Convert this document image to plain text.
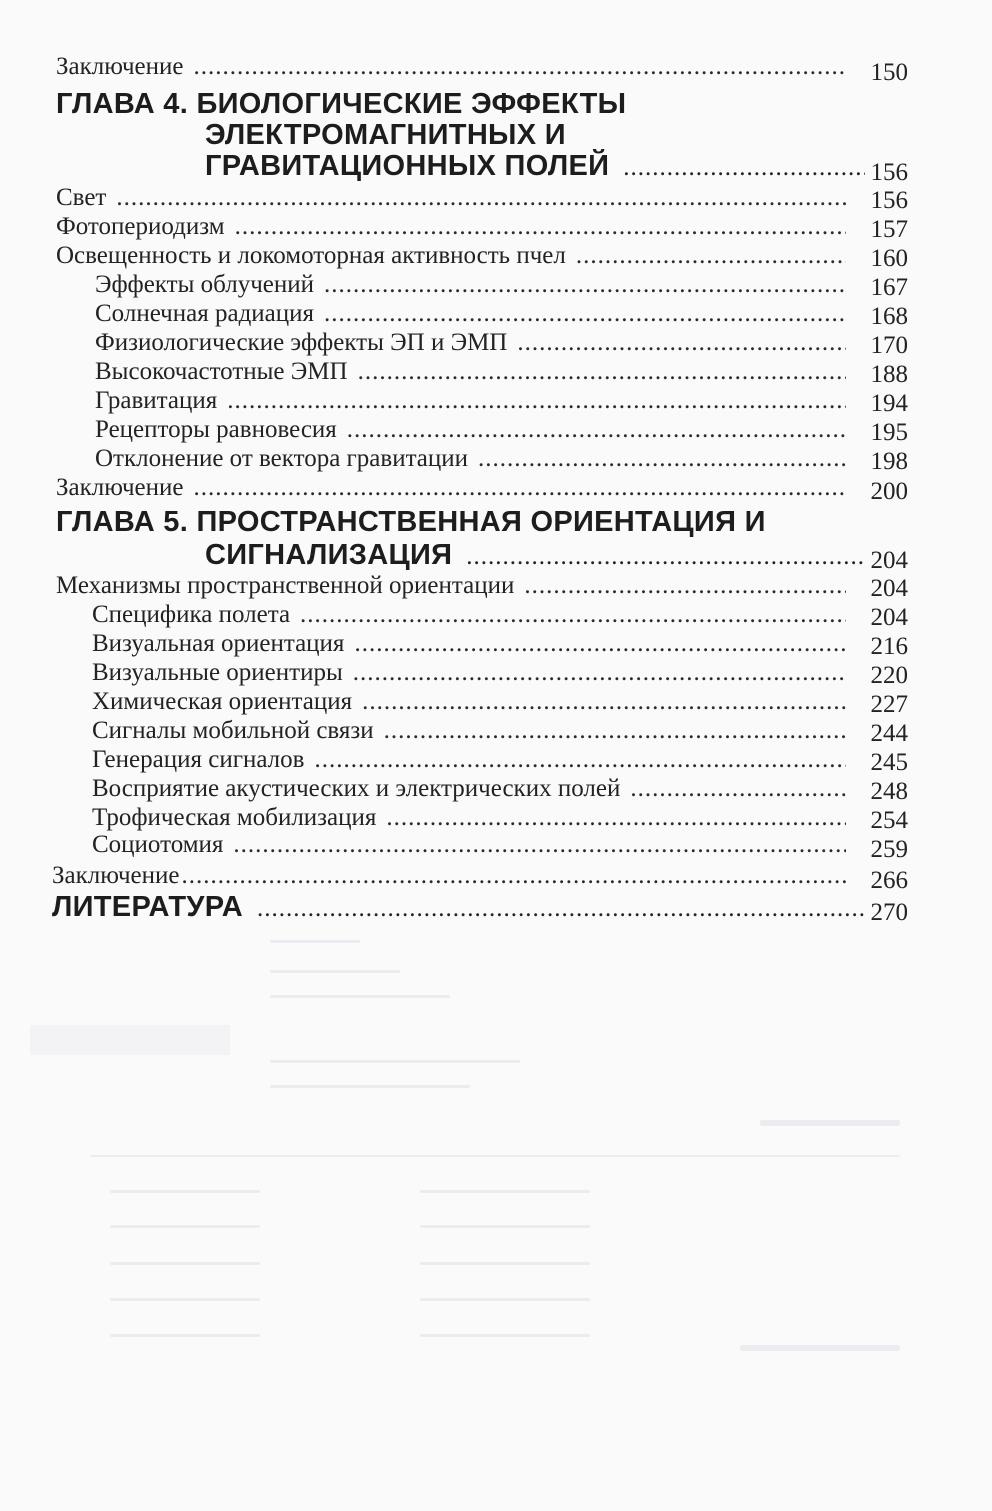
Заключение .....	150
ГЛАВА 4. БИОЛОГИЧЕСКИЕ ЭФФЕКТЫ
ЭЛЕКТРОМАГНИТНЫХ И
ГРАВИТАЦИОННЫХ ПОЛЕЙ .....	156
Свет .....	156
Фотопериодизм .....	157
Освещенность и локомоторная активность пчел .....	160
Эффекты облучений .....	167
Солнечная радиация .....	168
Физиологические эффекты ЭП и ЭМП .....	170
Высокочастотные ЭМП .....	188
Гравитация .....	194
Рецепторы равновесия .....	195
Отклонение от вектора гравитации .....	198
Заключение .....	200
ГЛАВА 5. ПРОСТРАНСТВЕННАЯ ОРИЕНТАЦИЯ И
СИГНАЛИЗАЦИЯ .....	204
Механизмы пространственной ориентации .....	204
Специфика полета .....	204
Визуальная ориентация .....	216
Визуальные ориентиры .....	220
Химическая ориентация .....	227
Сигналы мобильной связи .....	244
Генерация сигналов .....	245
Восприятие акустических и электрических полей .....	248
Трофическая мобилизация .....	254
Социотомия .....	259
Заключение .....	266
ЛИТЕРАТУРА .....	270
